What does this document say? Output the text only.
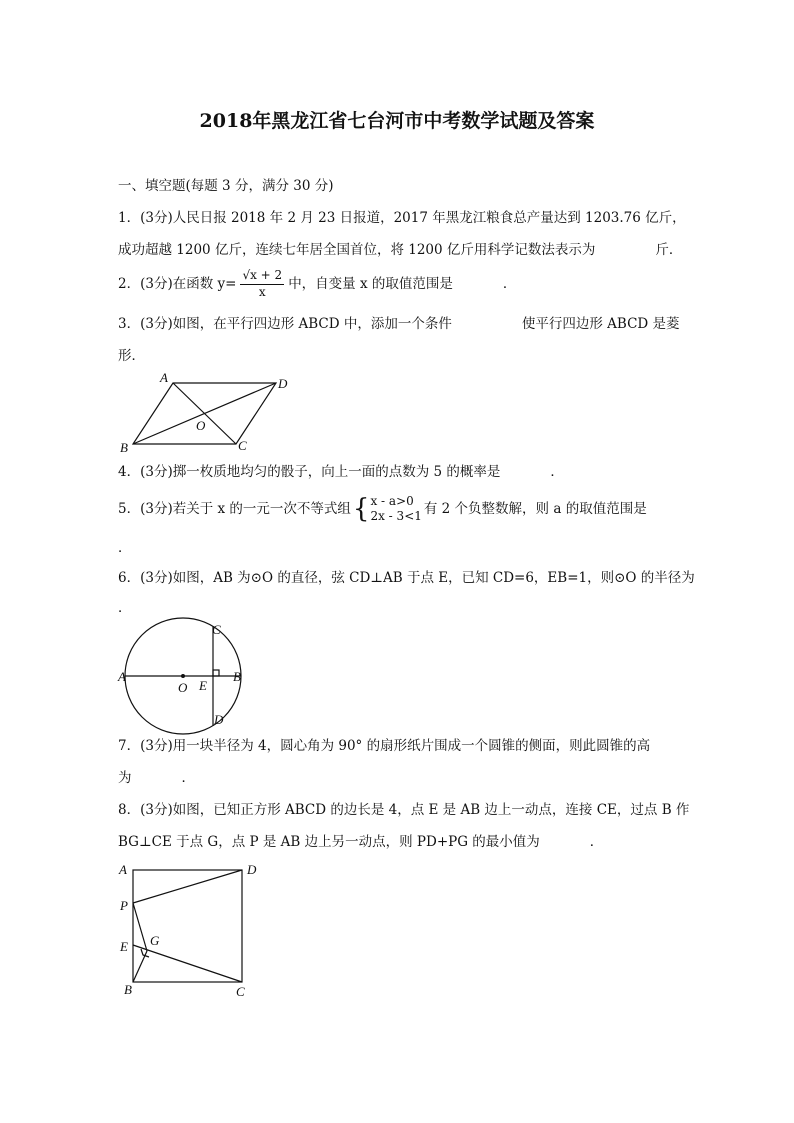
2018年黑龙江省七台河市中考数学试题及答案
一、填空题(每题 3 分，满分 30 分)
1．(3分)人民日报 2018 年 2 月 23 日报道，2017 年黑龙江粮食总产量达到 1203.76 亿斤，
成功超越 1200 亿斤，连续七年居全国首位，将 1200 亿斤用科学记数法表示为	斤．
2．(3分)在函数 $y= \frac{√x + 2}{x}$ 中，自变量 x 的取值范围是	．
3．(3分)如图，在平行四边形 ABCD 中，添加一个条件	使平行四边形 ABCD 是菱
形．
A	D
B	C
O
A	B
C
D
O E
A	D
P
E G
B	C
4．(3分)掷一枚质地均匀的骰子，向上一面的点数为 5 的概率是	．
5．(3分)若关于 x 的一元一次不等式组 { x - a>0
2x - 3<1 有 2 个负整数解，则 a 的取值范围是
．
6．(3分)如图，AB 为⊙O 的直径，弦 CD⊥AB 于点 E，已知 CD=6，EB=1，则⊙O 的半径为
．
7．(3分)用一块半径为 4，圆心角为 90° 的扇形纸片围成一个圆锥的侧面，则此圆锥的高
为	．
8．(3分)如图，已知正方形 ABCD 的边长是 4，点 E 是 AB 边上一动点，连接 CE，过点 B 作
BG⊥CE 于点 G，点 P 是 AB 边上另一动点，则 PD+PG 的最小值为	．
